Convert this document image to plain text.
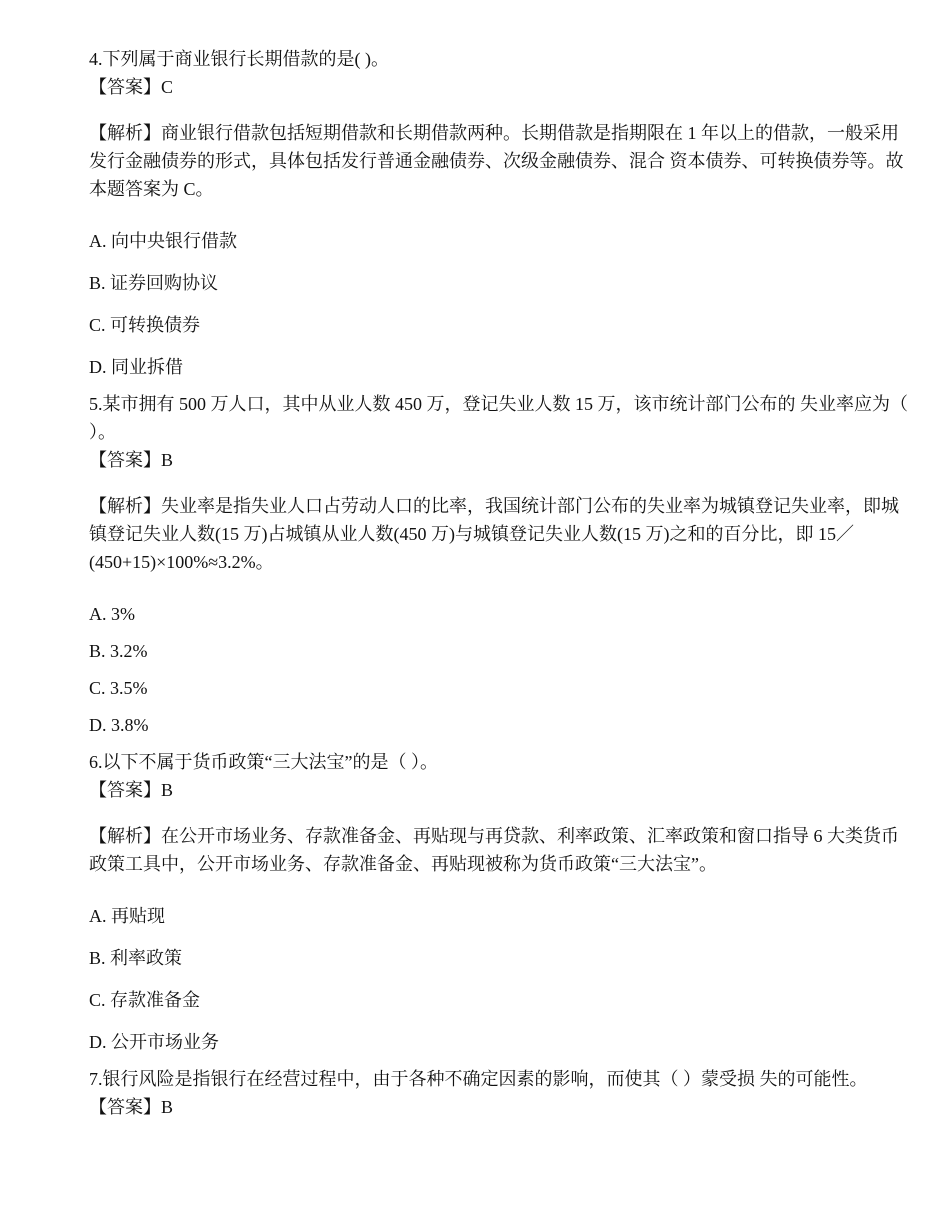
4.下列属于商业银行长期借款的是( )。

【答案】C

【解析】商业银行借款包括短期借款和长期借款两种。长期借款是指期限在 1 年以上的借款，一般采用发行金融债券的形式，具体包括发行普通金融债券、次级金融债券、混合 资本债券、可转换债券等。故本题答案为 C。

A. 向中央银行借款

B. 证券回购协议

C. 可转换债券

D. 同业拆借

5.某市拥有 500 万人口，其中从业人数 450 万，登记失业人数 15 万，该市统计部门公布的 失业率应为（ ）。

【答案】B

【解析】失业率是指失业人口占劳动人口的比率，我国统计部门公布的失业率为城镇登记失业率，即城镇登记失业人数(15 万)占城镇从业人数(450 万)与城镇登记失业人数(15 万)之和的百分比，即 15／(450+15)×100%≈3.2%。

A. 3%

B. 3.2%

C. 3.5%

D. 3.8%

6.以下不属于货币政策“三大法宝”的是（ ）。

【答案】B

【解析】在公开市场业务、存款准备金、再贴现与再贷款、利率政策、汇率政策和窗口指导 6 大类货币政策工具中，公开市场业务、存款准备金、再贴现被称为货币政策“三大法宝”。

A. 再贴现

B. 利率政策

C. 存款准备金

D. 公开市场业务

7.银行风险是指银行在经营过程中，由于各种不确定因素的影响，而使其（ ）蒙受损 失的可能性。

【答案】B
